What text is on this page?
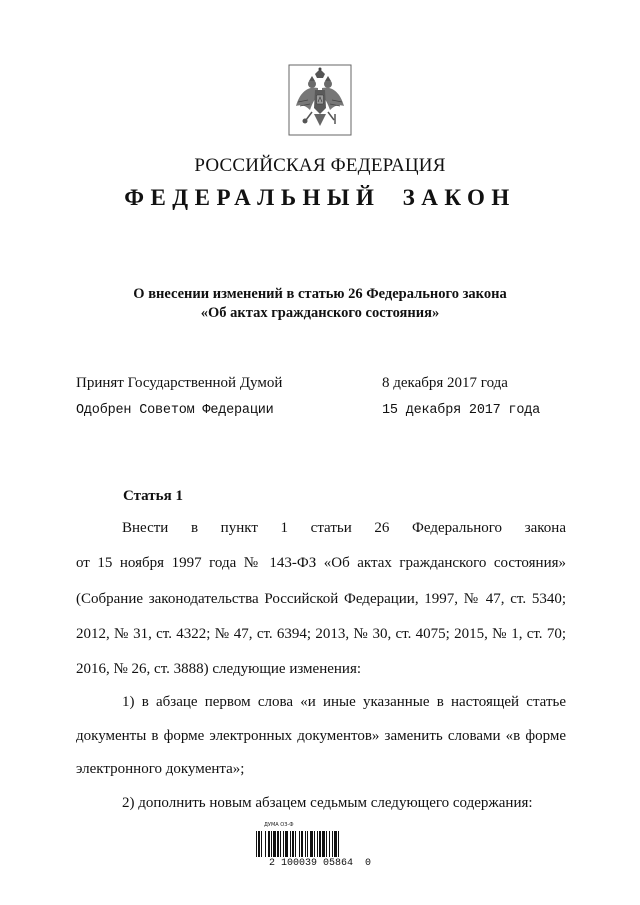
РОССИЙСКАЯ ФЕДЕРАЦИЯ
ФЕДЕРАЛЬНЫЙ ЗАКОН
О внесении изменений в статью 26 Федерального закона
«Об актах гражданского состояния»
Принят Государственной Думой	8 декабря 2017 года
Одобрен Советом Федерации	15 декабря 2017 года
Статья 1
Внести в пункт 1 статьи 26 Федерального закона
от 15 ноября 1997 года № 143-ФЗ «Об актах гражданского состояния»
(Собрание законодательства Российской Федерации, 1997, № 47, ст. 5340;
2012, № 31, ст. 4322; № 47, ст. 6394; 2013, № 30, ст. 4075; 2015, № 1, ст. 70;
2016, № 26, ст. 3888) следующие изменения:
1) в абзаце первом слова «и иные указанные в настоящей статье
документы в форме электронных документов» заменить словами «в форме
электронного документа»;
2) дополнить новым абзацем седьмым следующего содержания:
ДУМА ОЗ-Ф
2 100039 05864  0
